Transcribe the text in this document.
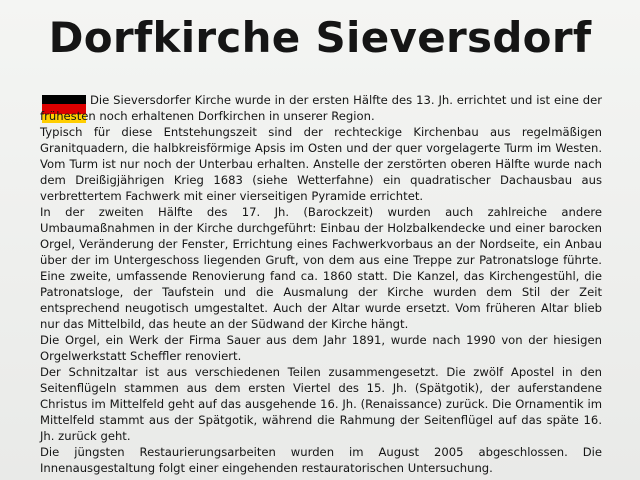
Dorfkirche Sieversdorf

Die Sieversdorfer Kirche wurde in der ersten Hälfte des 13. Jh. errichtet und ist eine der frühesten noch erhaltenen Dorfkirchen in unserer Region.

Typisch für diese Entstehungszeit sind der rechteckige Kirchenbau aus regelmäßigen Granitquadern, die halbkreisförmige Apsis im Osten und der quer vorgelagerte Turm im Westen. Vom Turm ist nur noch der Unterbau erhalten. Anstelle der zerstörten oberen Hälfte wurde nach dem Dreißigjährigen Krieg 1683 (siehe Wetterfahne) ein quadratischer Dachausbau aus verbrettertem Fachwerk mit einer vierseitigen Pyramide errichtet.

In der zweiten Hälfte des 17. Jh. (Barockzeit) wurden auch zahlreiche andere Umbaumaßnahmen in der Kirche durchgeführt: Einbau der Holzbalkendecke und einer barocken Orgel, Veränderung der Fenster, Errichtung eines Fachwerkvorbaus an der Nordseite, ein Anbau über der im Untergeschoss liegenden Gruft, von dem aus eine Treppe zur Patronatsloge führte. Eine zweite, umfassende Renovierung fand ca. 1860 statt. Die Kanzel, das Kirchengestühl, die Patronatsloge, der Taufstein und die Ausmalung der Kirche wurden dem Stil der Zeit entsprechend neugotisch umgestaltet. Auch der Altar wurde ersetzt. Vom früheren Altar blieb nur das Mittelbild, das heute an der Südwand der Kirche hängt.

Die Orgel, ein Werk der Firma Sauer aus dem Jahr 1891, wurde nach 1990 von der hiesigen Orgelwerkstatt Scheffler renoviert.

Der Schnitzaltar ist aus verschiedenen Teilen zusammengesetzt. Die zwölf Apostel in den Seitenflügeln stammen aus dem ersten Viertel des 15. Jh. (Spätgotik), der auferstandene Christus im Mittelfeld geht auf das ausgehende 16. Jh. (Renaissance) zurück. Die Ornamentik im Mittelfeld stammt aus der Spätgotik, während die Rahmung der Seitenflügel auf das späte 16. Jh. zurück geht.

Die jüngsten Restaurierungsarbeiten wurden im August 2005 abgeschlossen. Die Innenausgestaltung folgt einer eingehenden restauratorischen Untersuchung.
